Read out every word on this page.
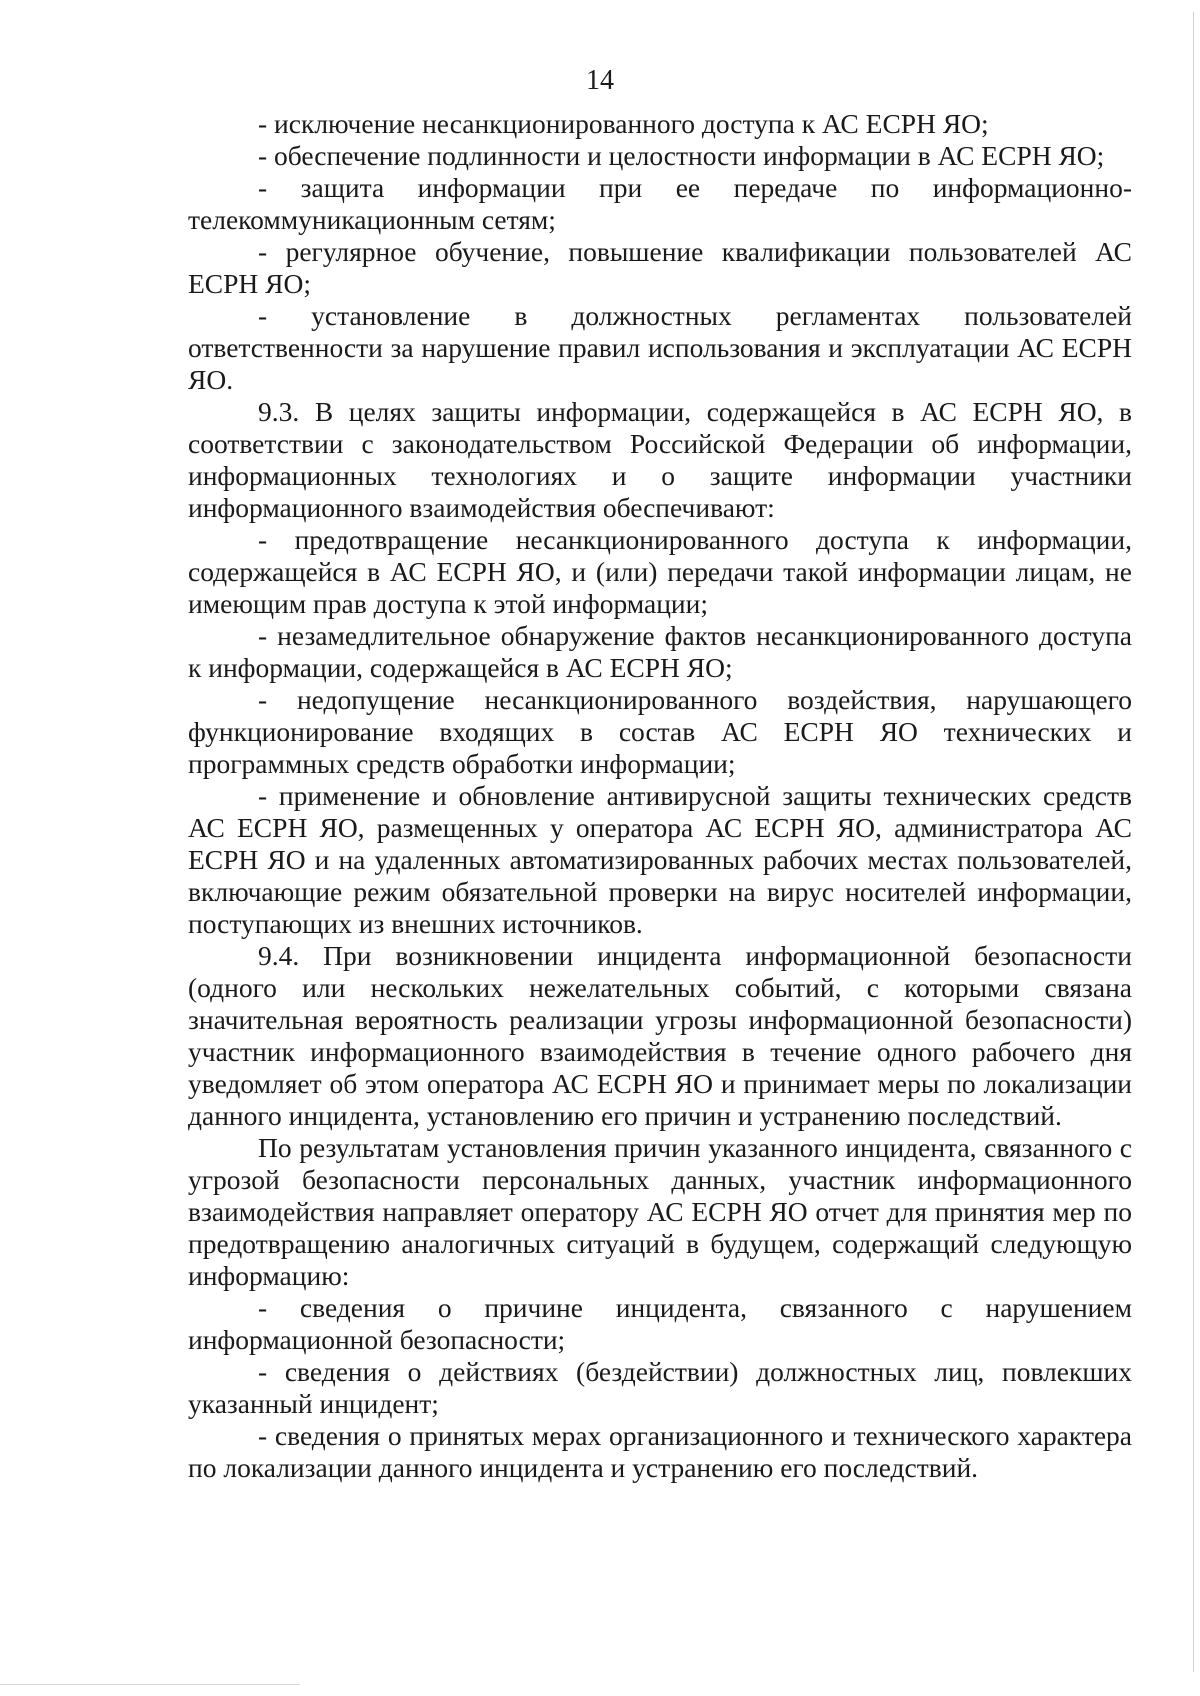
14

- исключение несанкционированного доступа к АС ЕСРН ЯО;

- обеспечение подлинности и целостности информации в АС ЕСРН ЯО;

- защита информации при ее передаче по информационно-телекоммуникационным сетям;

- регулярное обучение, повышение квалификации пользователей АС ЕСРН ЯО;

- установление в должностных регламентах пользователей ответственности за нарушение правил использования и эксплуатации АС ЕСРН ЯО.

9.3. В целях защиты информации, содержащейся в АС ЕСРН ЯО, в соответствии с законодательством Российской Федерации об информации, информационных технологиях и о защите информации участники информационного взаимодействия обеспечивают:

- предотвращение несанкционированного доступа к информации, содержащейся в АС ЕСРН ЯО, и (или) передачи такой информации лицам, не имеющим прав доступа к этой информации;

- незамедлительное обнаружение фактов несанкционированного доступа к информации, содержащейся в АС ЕСРН ЯО;

- недопущение несанкционированного воздействия, нарушающего функционирование входящих в состав АС ЕСРН ЯО технических и программных средств обработки информации;

- применение и обновление антивирусной защиты технических средств АС ЕСРН ЯО, размещенных у оператора АС ЕСРН ЯО, администратора АС ЕСРН ЯО и на удаленных автоматизированных рабочих местах пользователей, включающие режим обязательной проверки на вирус носителей информации, поступающих из внешних источников.

9.4. При возникновении инцидента информационной безопасности (одного или нескольких нежелательных событий, с которыми связана значительная вероятность реализации угрозы информационной безопасности) участник информационного взаимодействия в течение одного рабочего дня уведомляет об этом оператора АС ЕСРН ЯО и принимает меры по локализации данного инцидента, установлению его причин и устранению последствий.

По результатам установления причин указанного инцидента, связанного с угрозой безопасности персональных данных, участник информационного взаимодействия направляет оператору АС ЕСРН ЯО отчет для принятия мер по предотвращению аналогичных ситуаций в будущем, содержащий следующую информацию:

- сведения о причине инцидента, связанного с нарушением информационной безопасности;

- сведения о действиях (бездействии) должностных лиц, повлекших указанный инцидент;

- сведения о принятых мерах организационного и технического характера по локализации данного инцидента и устранению его последствий.
